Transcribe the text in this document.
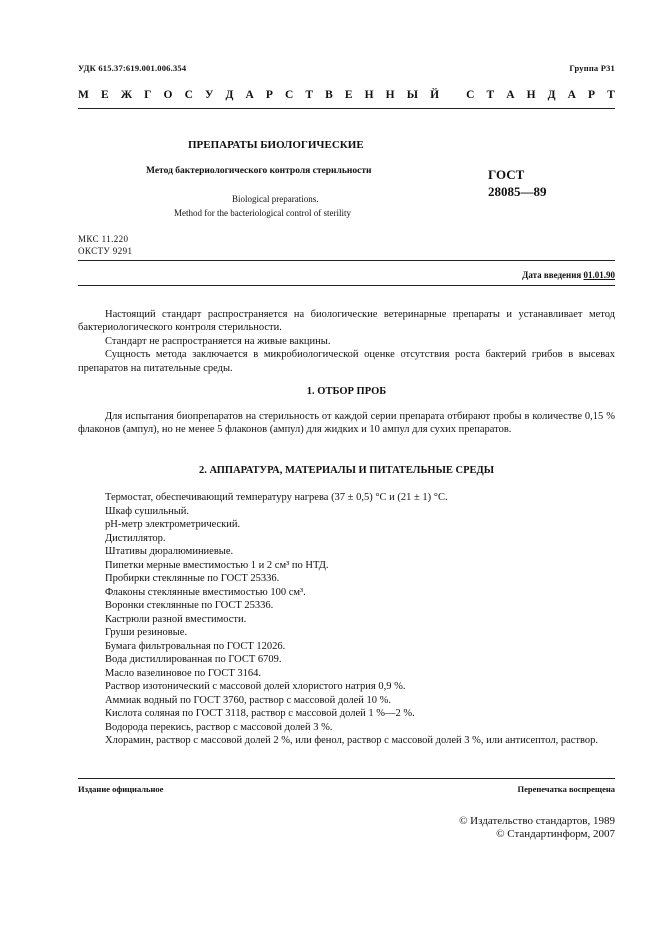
УДК 615.37:619.001.006.354	Группа Р31
М Е Ж Г О С У Д А Р С Т В Е Н Н Ы Й
С Т А Н Д А Р Т
ПРЕПАРАТЫ БИОЛОГИЧЕСКИЕ
Метод бактериологического контроля стерильности
Biological preparations.
Method for the bacteriological control of sterility
ГОСТ
28085—89
МКС 11.220
ОКСТУ 9291
Дата введения 01.01.90

Настоящий стандарт распространяется на биологические ветеринарные препараты и устанавливает метод бактериологического контроля стерильности.

Стандарт не распространяется на живые вакцины.

Сущность метода заключается в микробиологической оценке отсутствия роста бактерий грибов в высевах препаратов на питательные среды.

1. ОТБОР ПРОБ

Для испытания биопрепаратов на стерильность от каждой серии препарата отбирают пробы в количестве 0,15 % флаконов (ампул), но не менее 5 флаконов (ампул) для жидких и 10 ампул для сухих препаратов.

2. АППАРАТУРА, МАТЕРИАЛЫ И ПИТАТЕЛЬНЫЕ СРЕДЫ
Термостат, обеспечивающий температуру нагрева (37 ± 0,5) °С и (21 ± 1) °С.
Шкаф сушильный.
pH-метр электрометрический.
Дистиллятор.
Штативы дюралюминиевые.
Пипетки мерные вместимостью 1 и 2 см³ по НТД.
Пробирки стеклянные по ГОСТ 25336.
Флаконы стеклянные вместимостью 100 см³.
Воронки стеклянные по ГОСТ 25336.
Кастрюли разной вместимости.
Груши резиновые.
Бумага фильтровальная по ГОСТ 12026.
Вода дистиллированная по ГОСТ 6709.
Масло вазелиновое по ГОСТ 3164.
Раствор изотонический с массовой долей хлористого натрия 0,9 %.
Аммиак водный по ГОСТ 3760, раствор с массовой долей 10 %.
Кислота соляная по ГОСТ 3118, раствор с массовой долей 1 %—2 %.
Водорода перекись, раствор с массовой долей 3 %.
Хлорамин, раствор с массовой долей 2 %, или фенол, раствор с массовой долей 3 %, или антисептол, раствор.
Издание официальное	Перепечатка воспрещена
© Издательство стандартов, 1989
© Стандартинформ, 2007
